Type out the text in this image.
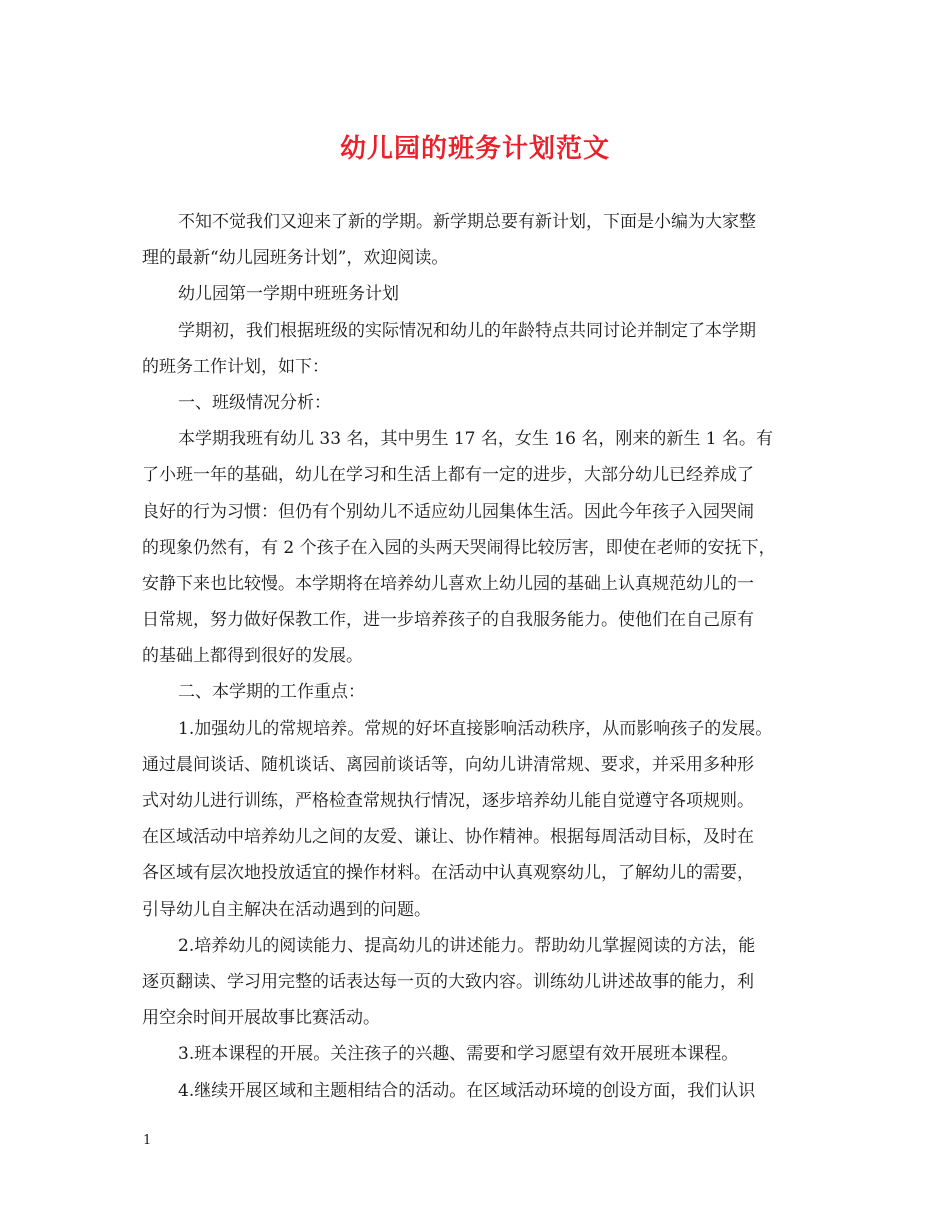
幼儿园的班务计划范文
不知不觉我们又迎来了新的学期。新学期总要有新计划，下面是小编为大家整
理的最新“幼儿园班务计划”，欢迎阅读。
幼儿园第一学期中班班务计划
学期初，我们根据班级的实际情况和幼儿的年龄特点共同讨论并制定了本学期
的班务工作计划，如下：
一、班级情况分析：
本学期我班有幼儿 33 名，其中男生 17 名，女生 16 名，刚来的新生 1 名。有
了小班一年的基础，幼儿在学习和生活上都有一定的进步，大部分幼儿已经养成了
良好的行为习惯：但仍有个别幼儿不适应幼儿园集体生活。因此今年孩子入园哭闹
的现象仍然有，有 2 个孩子在入园的头两天哭闹得比较厉害，即使在老师的安抚下，
安静下来也比较慢。本学期将在培养幼儿喜欢上幼儿园的基础上认真规范幼儿的一
日常规，努力做好保教工作，进一步培养孩子的自我服务能力。使他们在自己原有
的基础上都得到很好的发展。
二、本学期的工作重点：
1.加强幼儿的常规培养。常规的好坏直接影响活动秩序，从而影响孩子的发展。
通过晨间谈话、随机谈话、离园前谈话等，向幼儿讲清常规、要求，并采用多种形
式对幼儿进行训练，严格检查常规执行情况，逐步培养幼儿能自觉遵守各项规则。
在区域活动中培养幼儿之间的友爱、谦让、协作精神。根据每周活动目标，及时在
各区域有层次地投放适宜的操作材料。在活动中认真观察幼儿，了解幼儿的需要，
引导幼儿自主解决在活动遇到的问题。
2.培养幼儿的阅读能力、提高幼儿的讲述能力。帮助幼儿掌握阅读的方法，能
逐页翻读、学习用完整的话表达每一页的大致内容。训练幼儿讲述故事的能力，利
用空余时间开展故事比赛活动。
3.班本课程的开展。关注孩子的兴趣、需要和学习愿望有效开展班本课程。
4.继续开展区域和主题相结合的活动。在区域活动环境的创设方面，我们认识
1
